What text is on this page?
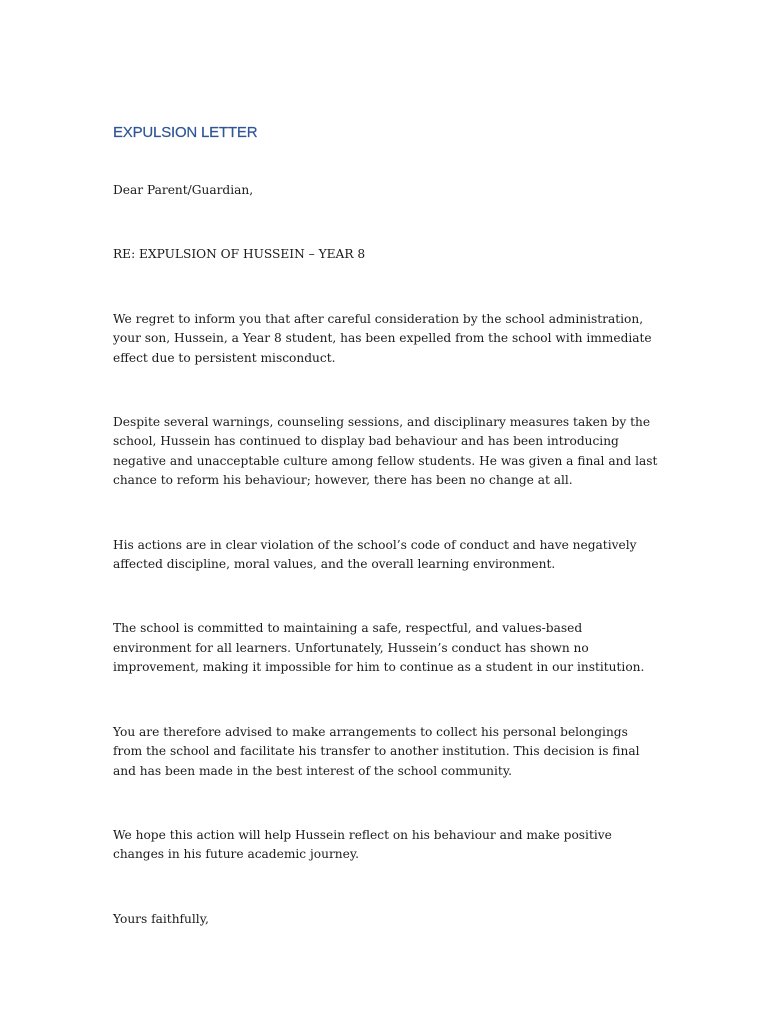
EXPULSION LETTER

Dear Parent/Guardian,

RE: EXPULSION OF HUSSEIN – YEAR 8

We regret to inform you that after careful consideration by the school administration, your son, Hussein, a Year 8 student, has been expelled from the school with immediate effect due to persistent misconduct.

Despite several warnings, counseling sessions, and disciplinary measures taken by the school, Hussein has continued to display bad behaviour and has been introducing negative and unacceptable culture among fellow students. He was given a final and last chance to reform his behaviour; however, there has been no change at all.

His actions are in clear violation of the school’s code of conduct and have negatively affected discipline, moral values, and the overall learning environment.

The school is committed to maintaining a safe, respectful, and values-based environment for all learners. Unfortunately, Hussein’s conduct has shown no improvement, making it impossible for him to continue as a student in our institution.

You are therefore advised to make arrangements to collect his personal belongings from the school and facilitate his transfer to another institution. This decision is final and has been made in the best interest of the school community.

We hope this action will help Hussein reflect on his behaviour and make positive changes in his future academic journey.

Yours faithfully,
